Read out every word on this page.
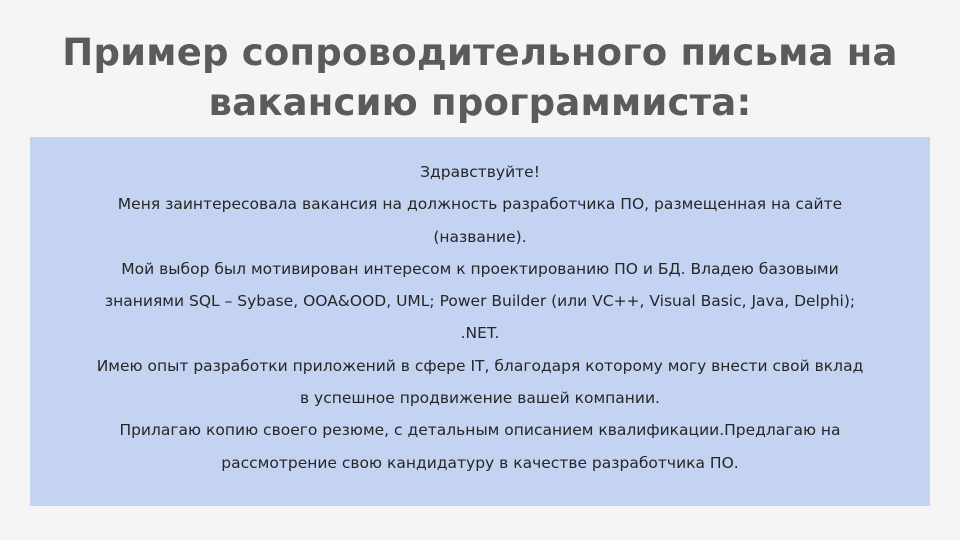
Пример сопроводительного письма на
вакансию программиста:
Здравствуйте!
Меня заинтересовала вакансия на должность разработчика ПО, размещенная на сайте
(название).
Мой выбор был мотивирован интересом к проектированию ПО и БД. Владею базовыми
знаниями SQL – Sybase, OOA&OOD, UML; Power Builder (или VC++, Visual Basic, Java, Delphi);
.NET.
Имею опыт разработки приложений в сфере IT, благодаря которому могу внести свой вклад
в успешное продвижение вашей компании.
Прилагаю копию своего резюме, с детальным описанием квалификации.Предлагаю на
рассмотрение свою кандидатуру в качестве разработчика ПО.
